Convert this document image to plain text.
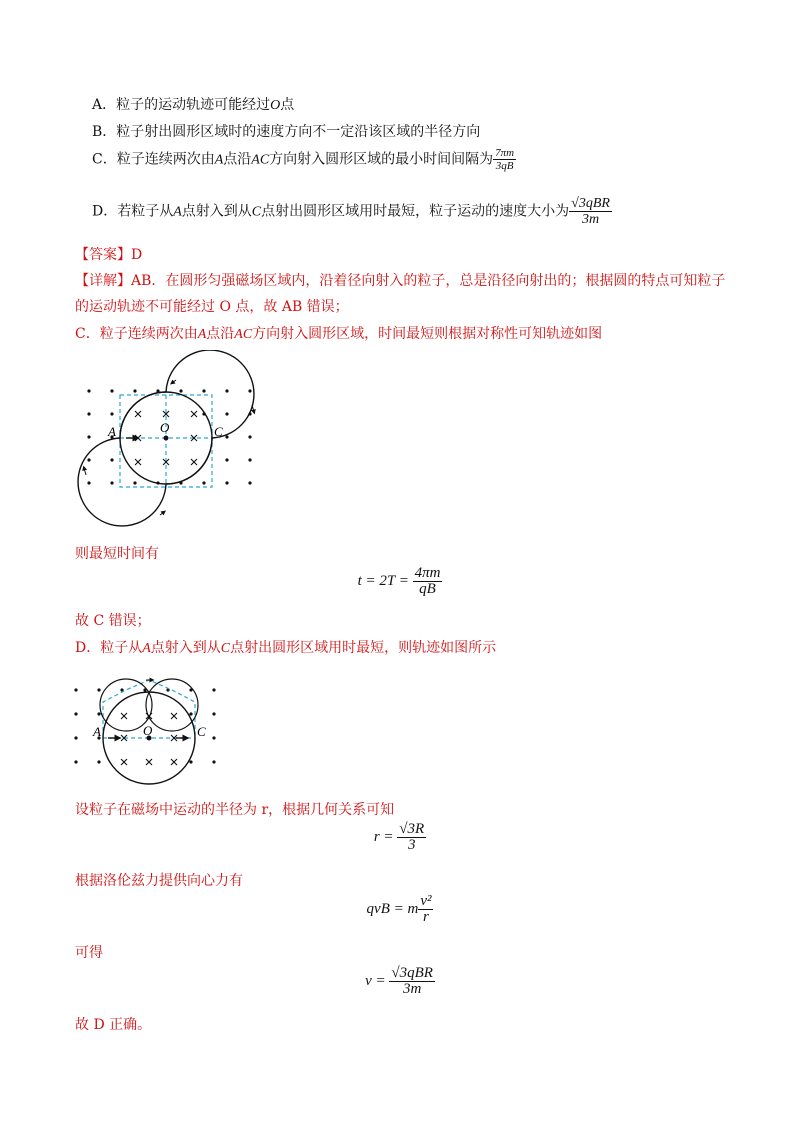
A．粒子的运动轨迹可能经过O点
B．粒子射出圆形区域时的速度方向不一定沿该区域的半径方向
C．粒子连续两次由A点沿AC方向射入圆形区域的最小时间间隔为 $\frac{7\pi m}{3qB}$
D．若粒子从A点射入到从C点射出圆形区域用时最短，粒子运动的速度大小为 $\frac{\text{√3qBR}}{3m}$
【答案】D
【详解】AB．在圆形匀强磁场区域内，沿着径向射入的粒子，总是沿径向射出的；根据圆的特点可知粒子
的运动轨迹不可能经过 O 点，故 AB 错误；
C．粒子连续两次由A点沿AC方向射入圆形区域，时间最短则根据对称性可知轨迹如图
A	O	C
则最短时间有
$t = 2T = \frac{4\pi m}{qB}$
故 C 错误；
D．粒子从A点射入到从C点射出圆形区域用时最短，则轨迹如图所示
A	O	C
设粒子在磁场中运动的半径为 r，根据几何关系可知
$r = \frac{√3R}{3}$
根据洛伦兹力提供向心力有
qvB = m $\frac{\text{v²}}{r}$
可得
$v = \frac{\text{√3qBR}}{3m}$
故 D 正确。
